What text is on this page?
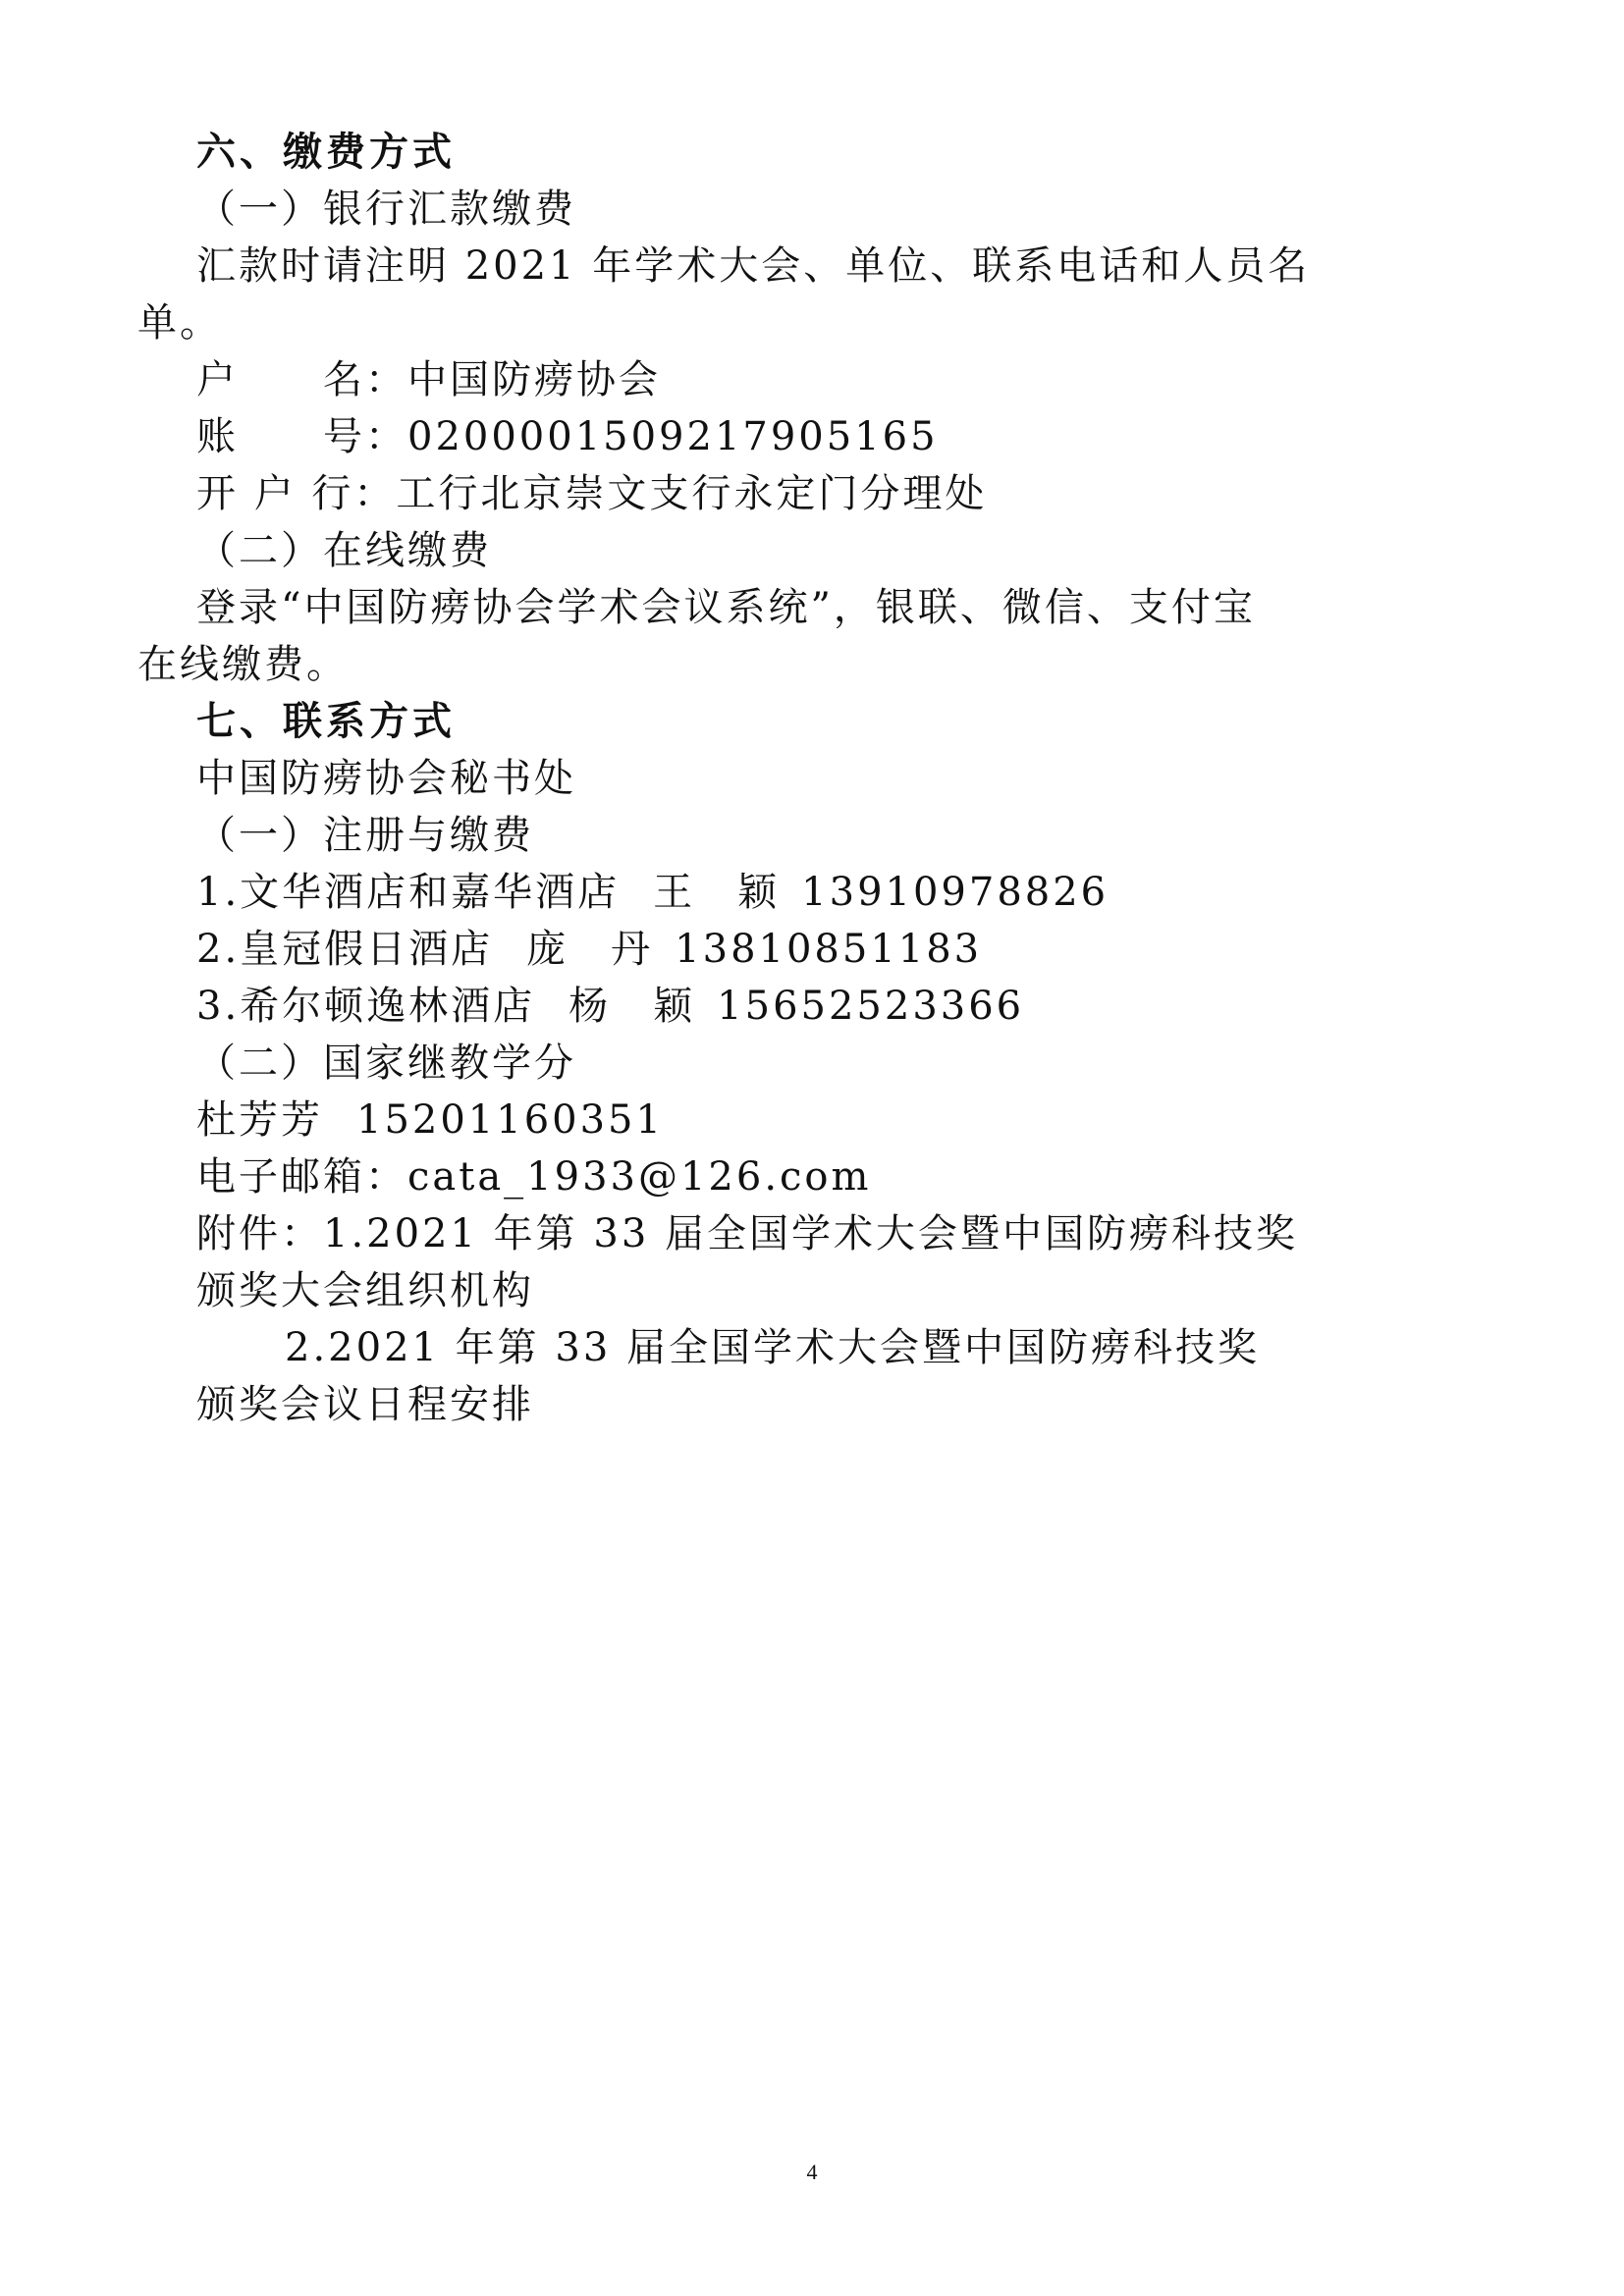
六、缴费方式
（一）银行汇款缴费
汇款时请注明 2021 年学术大会、单位、联系电话和人员名
单。
户　　名：中国防痨协会
账　　号：0200001509217905165
开 户 行：工行北京崇文支行永定门分理处
（二）在线缴费
登录“中国防痨协会学术会议系统”，银联、微信、支付宝
在线缴费。
七、联系方式
中国防痨协会秘书处
（一）注册与缴费
1.文华酒店和嘉华酒店 王　颖 13910978826
2.皇冠假日酒店 庞　丹 13810851183
3.希尔顿逸林酒店 杨　颖 15652523366
（二）国家继教学分
杜芳芳 15201160351
电子邮箱：cata_1933@126.com
附件：1.2021 年第 33 届全国学术大会暨中国防痨科技奖
颁奖大会组织机构
2.2021 年第 33 届全国学术大会暨中国防痨科技奖
颁奖会议日程安排
4
